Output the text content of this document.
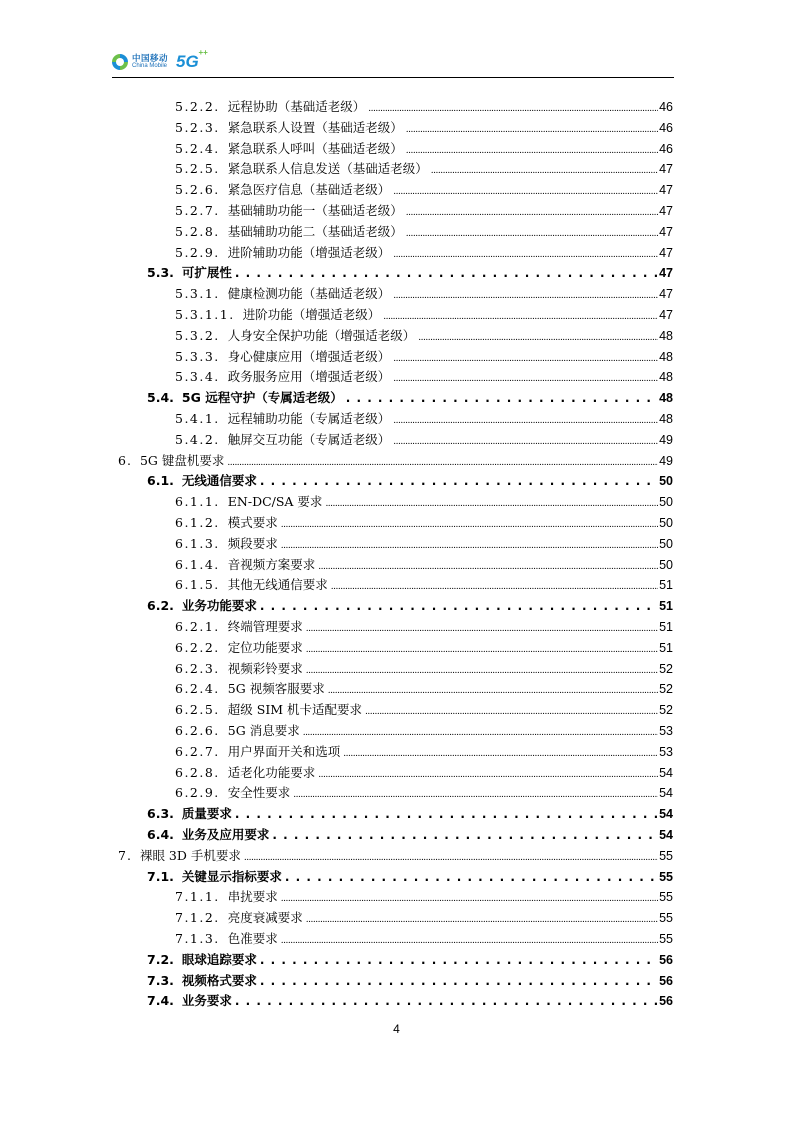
中国移动
China Mobile 5G ++
5.2.2. 远程协助（基础适老级） .....	46
5.2.3. 紧急联系人设置（基础适老级） .....	46
5.2.4. 紧急联系人呼叫（基础适老级） .....	46
5.2.5. 紧急联系人信息发送（基础适老级） .....	47
5.2.6. 紧急医疗信息（基础适老级） .....	47
5.2.7. 基础辅助功能一（基础适老级） .....	47
5.2.8. 基础辅助功能二（基础适老级） .....	47
5.2.9. 进阶辅助功能（增强适老级） .....	47
5.3. 可扩展性 . . .	47
5.3.1. 健康检测功能（基础适老级） .....	47
5.3.1.1. 进阶功能（增强适老级） .....	47
5.3.2. 人身安全保护功能（增强适老级） .....	48
5.3.3. 身心健康应用（增强适老级） .....	48
5.3.4. 政务服务应用（增强适老级） .....	48
5.4. 5G 远程守护（专属适老级） . . .	48
5.4.1. 远程辅助功能（专属适老级） .....	48
5.4.2. 触屏交互功能（专属适老级） .....	49
6. 5G 键盘机要求 .....	49
6.1. 无线通信要求 . . .	50
6.1.1. EN-DC/SA 要求 .....	50
6.1.2. 模式要求 .....	50
6.1.3. 频段要求 .....	50
6.1.4. 音视频方案要求 .....	50
6.1.5. 其他无线通信要求 .....	51
6.2. 业务功能要求 . . .	51
6.2.1. 终端管理要求 .....	51
6.2.2. 定位功能要求 .....	51
6.2.3. 视频彩铃要求 .....	52
6.2.4. 5G 视频客服要求 .....	52
6.2.5. 超级 SIM 机卡适配要求 .....	52
6.2.6. 5G 消息要求 .....	53
6.2.7. 用户界面开关和选项 .....	53
6.2.8. 适老化功能要求 .....	54
6.2.9. 安全性要求 .....	54
6.3. 质量要求 . . .	54
6.4. 业务及应用要求 . . .	54
7. 裸眼 3D 手机要求 .....	55
7.1. 关键显示指标要求 . . .	55
7.1.1. 串扰要求 .....	55
7.1.2. 亮度衰减要求 .....	55
7.1.3. 色准要求 .....	55
7.2. 眼球追踪要求 . . .	56
7.3. 视频格式要求 . . .	56
7.4. 业务要求 . . .	56
4
